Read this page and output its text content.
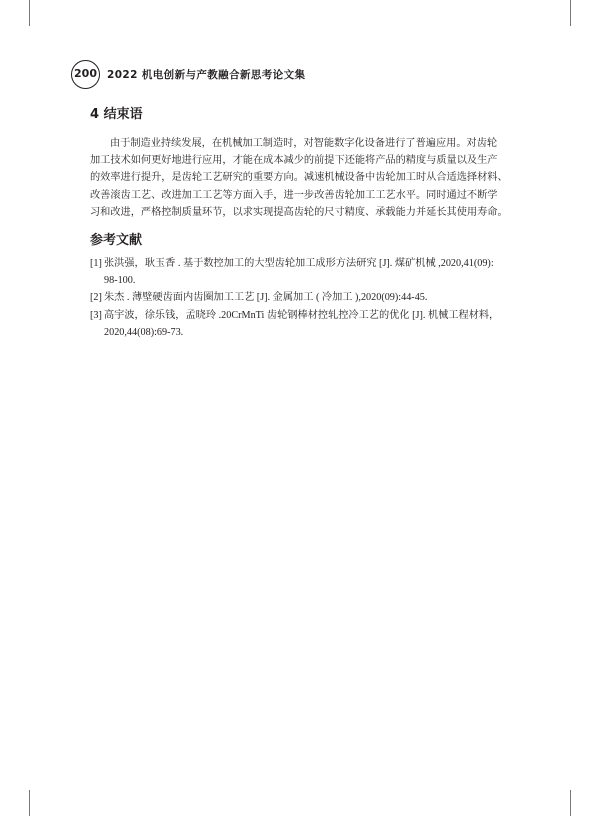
200 2022 机电创新与产教融合新思考论文集
4 结束语
由于制造业持续发展，在机械加工制造时，对智能数字化设备进行了普遍应用。对齿轮
加工技术如何更好地进行应用，才能在成本减少的前提下还能将产品的精度与质量以及生产
的效率进行提升，是齿轮工艺研究的重要方向。减速机械设备中齿轮加工时从合适选择材料、
改善滚齿工艺、改进加工工艺等方面入手，进一步改善齿轮加工工艺水平。同时通过不断学
习和改进，严格控制质量环节，以求实现提高齿轮的尺寸精度、承载能力并延长其使用寿命。
参考文献
[1] 张洪强，耿玉香 . 基于数控加工的大型齿轮加工成形方法研究 [J]. 煤矿机械 ,2020,41(09):
98-100.
[2] 朱杰 . 薄壁硬齿面内齿圈加工工艺 [J]. 金属加工 ( 冷加工 ),2020(09):44-45.
[3] 高宇波，徐乐钱，孟晓玲 .20CrMnTi 齿轮钢棒材控轧控冷工艺的优化 [J]. 机械工程材料，
2020,44(08):69-73.
